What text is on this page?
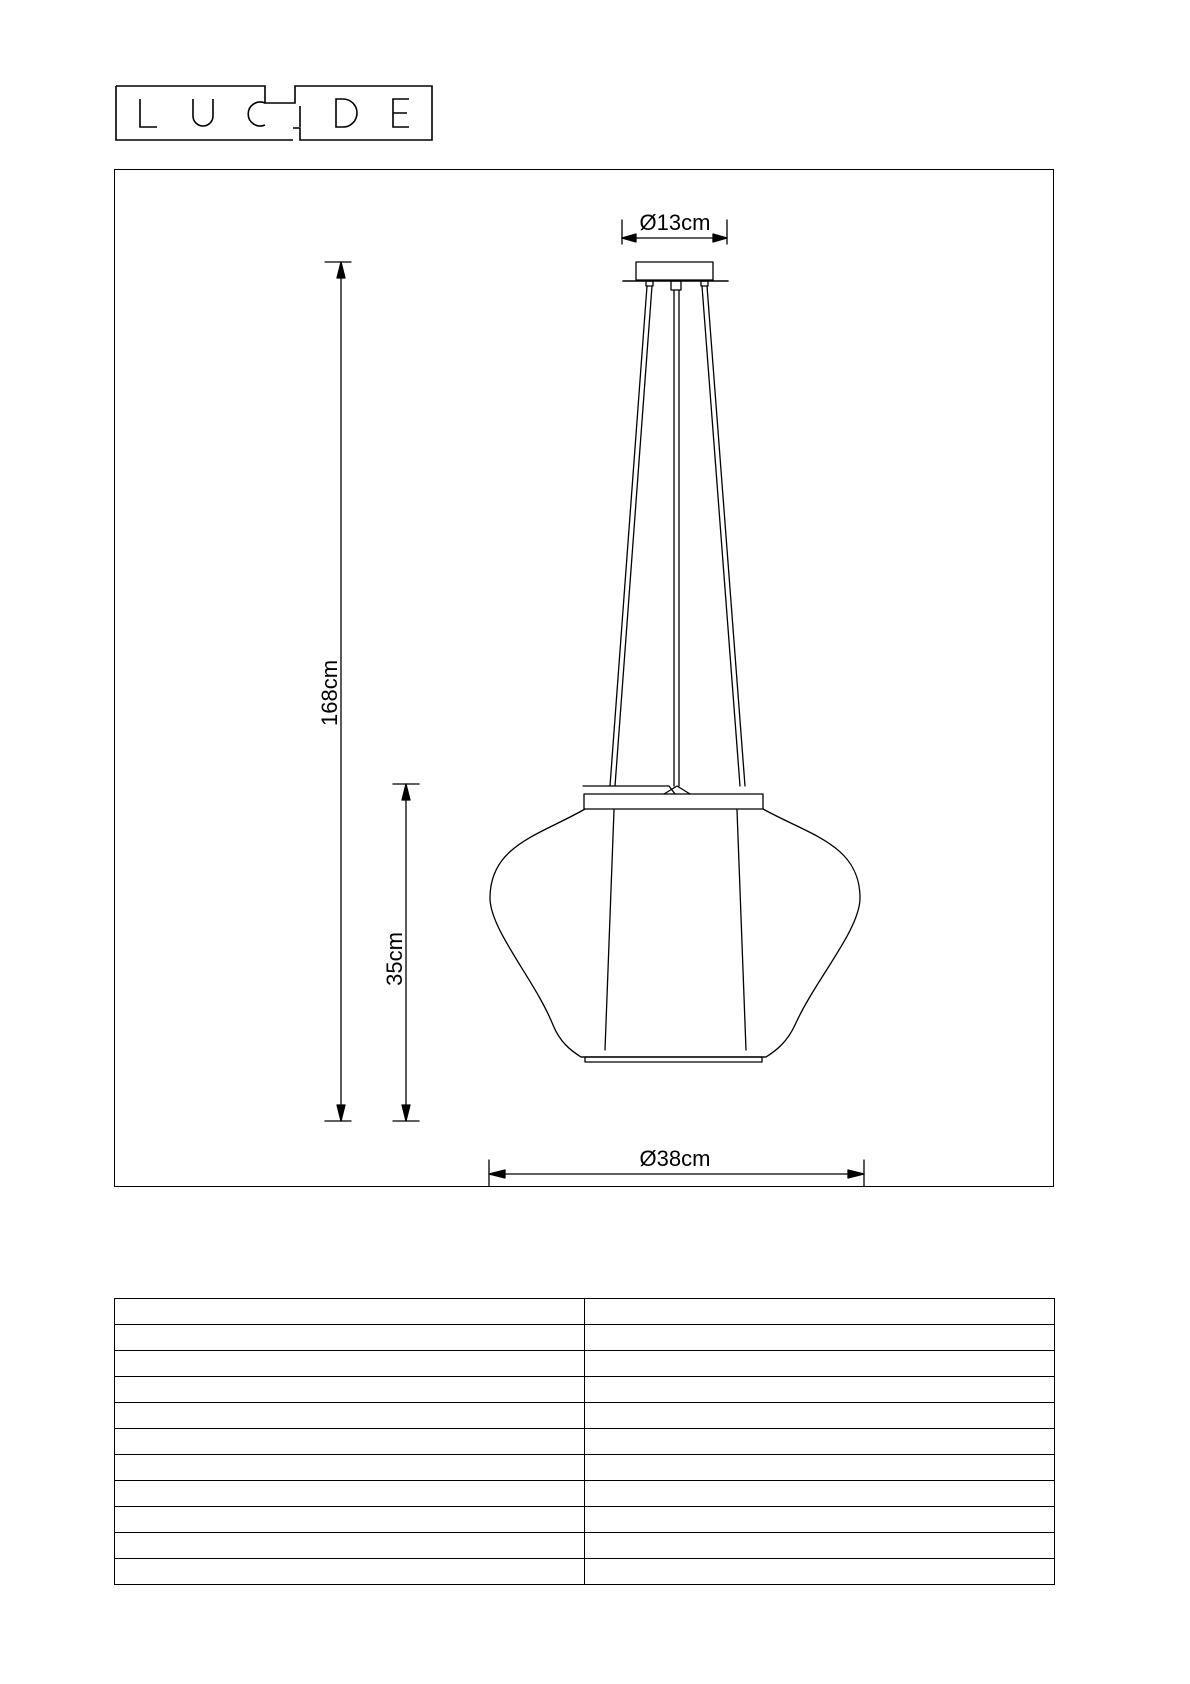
Ø13cm
168cm
35cm
Ø38cm
